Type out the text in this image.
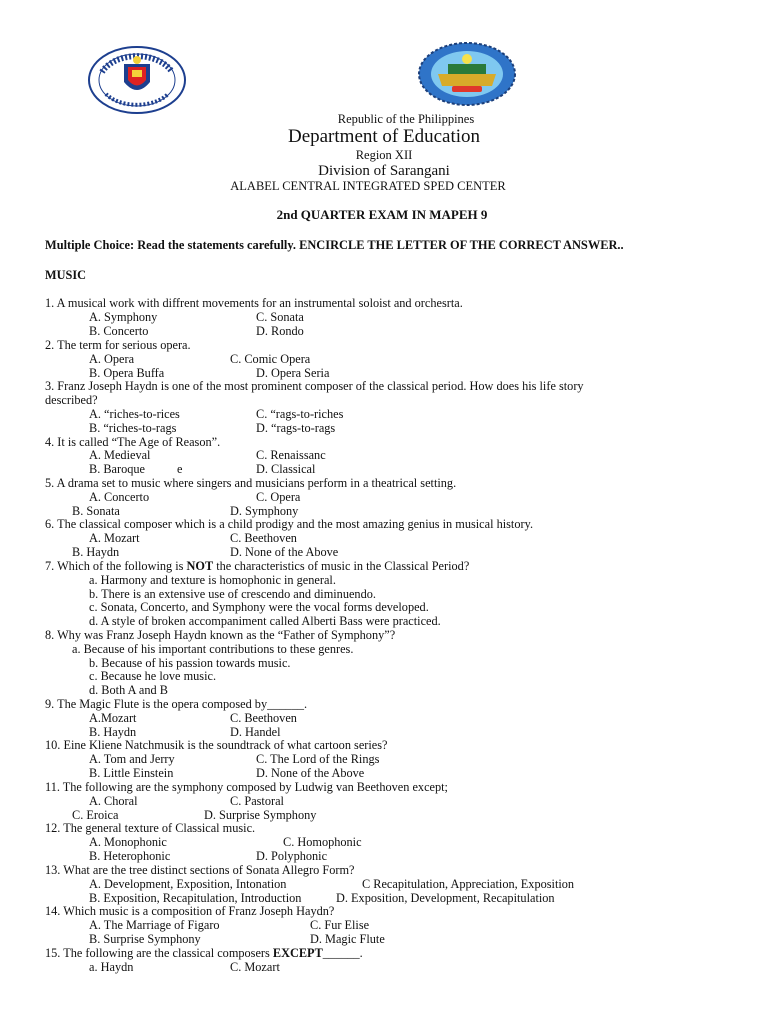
Republic of the Philippines
Department of Education
Region XII
Division of Sarangani
ALABEL CENTRAL INTEGRATED SPED CENTER
2nd QUARTER EXAM IN MAPEH 9
Multiple Choice: Read the statements carefully. ENCIRCLE THE LETTER OF THE CORRECT ANSWER..
MUSIC
1. A musical work with diffrent movements for an instrumental soloist and orchesrta.
A. Symphony	C. Sonata
B. Concerto	D. Rondo
2. The term for serious opera.
A. Opera	C. Comic Opera
B. Opera Buffa	D. Opera Seria
3. Franz Joseph Haydn is one of the most prominent composer of the classical period. How does his life story
described?
A. “riches-to-rices	C. “rags-to-riches
B. “riches-to-rags	D. “rags-to-rags
4. It is called “The Age of Reason”.
A. Medieval	C. Renaissanc
B. Baroque	e	D. Classical
5. A drama set to music where singers and musicians perform in a theatrical setting.
A. Concerto	C. Opera
B. Sonata	D. Symphony
6. The classical composer which is a child prodigy and the most amazing genius in musical history.
A. Mozart	C. Beethoven
B. Haydn	D. None of the Above
7. Which of the following is NOT the characteristics of music in the Classical Period?
a. Harmony and texture is homophonic in general.
b. There is an extensive use of crescendo and diminuendo.
c. Sonata, Concerto, and Symphony were the vocal forms developed.
d. A style of broken accompaniment called Alberti Bass were practiced.
8. Why was Franz Joseph Haydn known as the “Father of Symphony”?
a. Because of his important contributions to these genres.
b. Because of his passion towards music.
c. Because he love music.
d. Both A and B
9. The Magic Flute is the opera composed by______.
A.Mozart	C. Beethoven
B. Haydn	D. Handel
10. Eine Kliene Natchmusik is the soundtrack of what cartoon series?
A. Tom and Jerry	C. The Lord of the Rings
B. Little Einstein	D. None of the Above
11. The following are the symphony composed by Ludwig van Beethoven except;
A. Choral	C. Pastoral
C. Eroica	D. Surprise Symphony
12. The general texture of Classical music.
A. Monophonic	C. Homophonic
B. Heterophonic	D. Polyphonic
13. What are the tree distinct sections of Sonata Allegro Form?
A. Development, Exposition, Intonation	C Recapitulation, Appreciation, Exposition
B. Exposition, Recapitulation, Introduction	D. Exposition, Development, Recapitulation
14. Which music is a composition of Franz Joseph Haydn?
A. The Marriage of Figaro	C. Fur Elise
B. Surprise Symphony	D. Magic Flute
15. The following are the classical composers EXCEPT______.
a. Haydn	C. Mozart
